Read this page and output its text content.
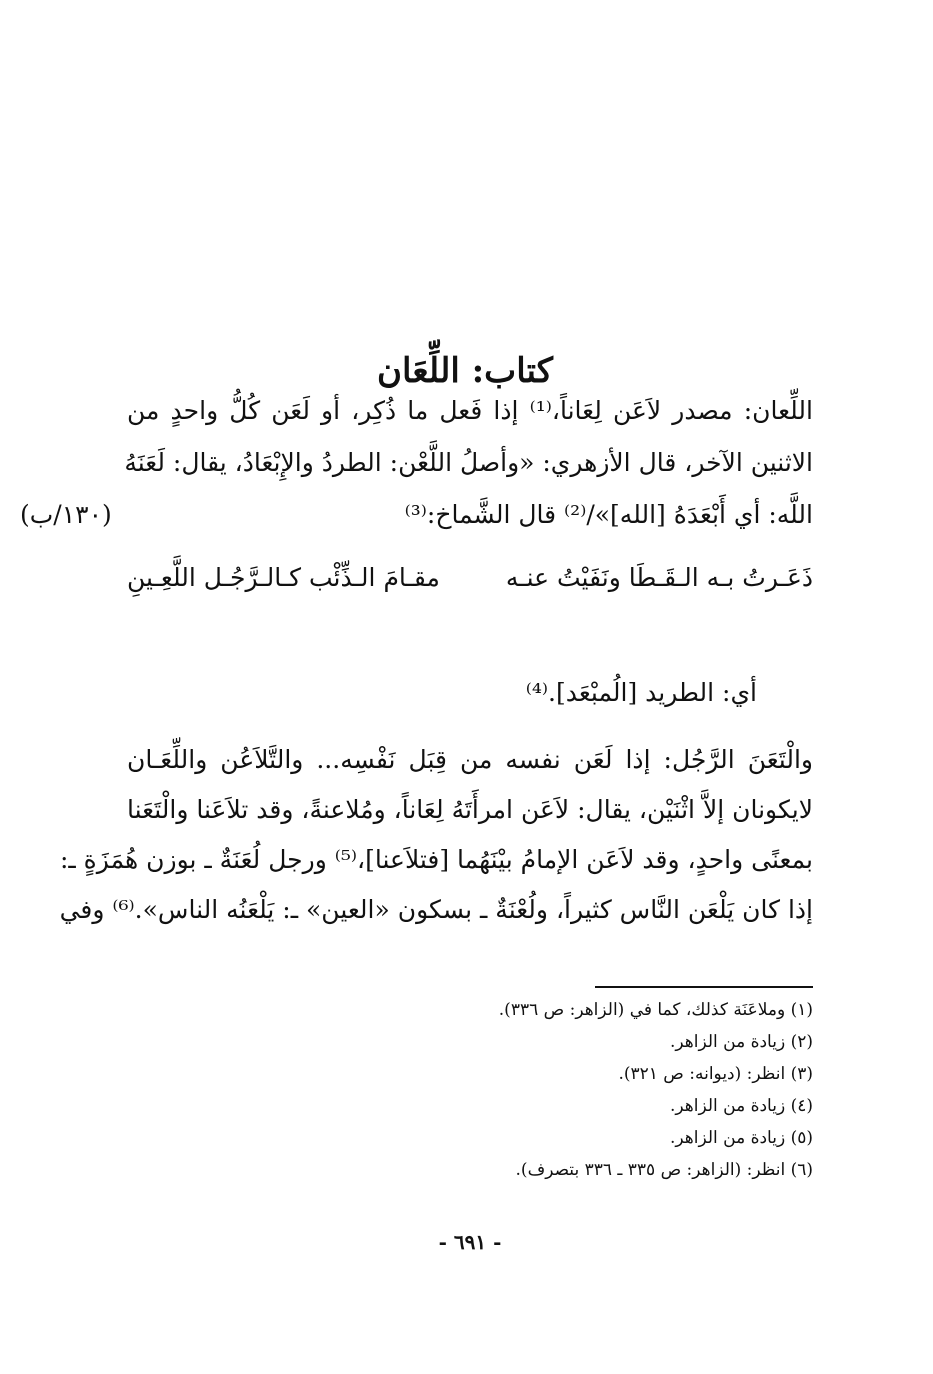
كتاب: اللِّعَان
اللِّعان: مصدر لاَعَن لِعَاناً،⁽¹⁾ إذا فَعل ما ذُكِر، أو لَعَن كُلُّ واحدٍ من
الاثنين الآخر، قال الأزهري: «وأصلُ اللَّعْن: الطردُ والإِبْعَادُ، يقال: لَعَنَهُ
اللَّه: أي أَبْعَدَهُ [الله]»/⁽²⁾ قال الشَّماخ:⁽³⁾
(١٣٠/ب)
ذَعَـرتُ بـه الـقَـطَا ونَفَيْتُ عنـه
مقـامَ الـذِّئْب كـالـرَّجُـل اللَّعِـينِ
أي: الطريد [الُمبْعَد].⁽⁴⁾
والْتَعَنَ الرَّجُل: إذا لَعَن نفسه من قِبَل نَفْسِه... والتَّلاَعُن واللِّعَـان
لايكونان إلاَّ اثْنَيْن، يقال: لاَعَن امرأَتَهُ لِعَاناً، ومُلاعنةً، وقد تلاَعَنا والْتَعَنا
بمعنًى واحدٍ، وقد لاَعَن الإمامُ بيْنَهُما [فتلاَعنا]،⁽⁵⁾ ورجل لُعَنَةٌ ـ بوزن هُمَزَةٍ ـ:
إذا كان يَلْعَن النَّاس كثيراً، ولُعْنَةٌ ـ بسكون «العين» ـ: يَلْعَنُه الناس».⁽⁶⁾ وفي
(١) وملاعَنَة كذلك، كما في (الزاهر: ص ٣٣٦).
(٢) زيادة من الزاهر.
(٣) انظر: (ديوانه: ص ٣٢١).
(٤) زيادة من الزاهر.
(٥) زيادة من الزاهر.
(٦) انظر: (الزاهر: ص ٣٣٥ ـ ٣٣٦ بتصرف).
- ٦٩١ -
